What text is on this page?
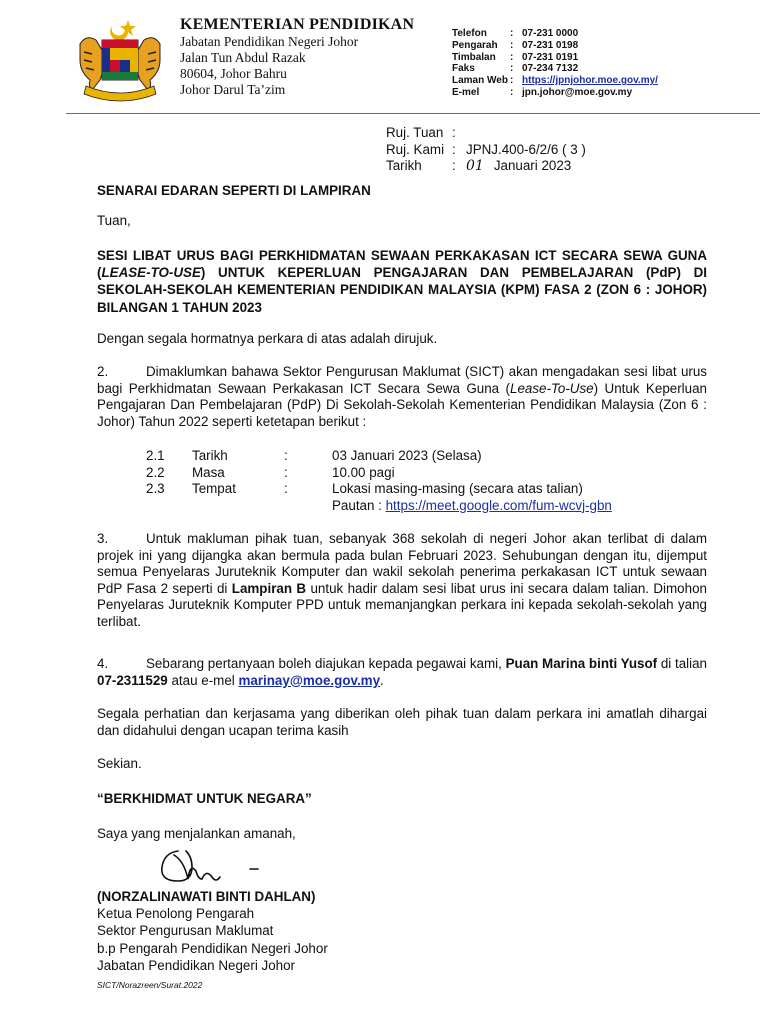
KEMENTERIAN PENDIDIKAN
Jabatan Pendidikan Negeri Johor
Jalan Tun Abdul Razak
80604, Johor Bahru
Johor Darul Ta’zim
Telefon	: 07-231 0000
Pengarah	: 07-231 0198
Timbalan	: 07-231 0191
Faks	: 07-234 7132
Laman Web : https://jpnjohor.moe.gov.my/
E-mel	: jpn.johor@moe.gov.my
Ruj. Tuan :
Ruj. Kami : JPNJ.400-6/2/6 ( 3 )
Tarikh	: 01 Januari 2023

SENARAI EDARAN SEPERTI DI LAMPIRAN

Tuan,

SESI LIBAT URUS BAGI PERKHIDMATAN SEWAAN PERKAKASAN ICT SECARA SEWA GUNA (LEASE-TO-USE) UNTUK KEPERLUAN PENGAJARAN DAN PEMBELAJARAN (PdP) DI SEKOLAH-SEKOLAH KEMENTERIAN PENDIDIKAN MALAYSIA (KPM) FASA 2 (ZON 6 : JOHOR) BILANGAN 1 TAHUN 2023

Dengan segala hormatnya perkara di atas adalah dirujuk.

2.	Dimaklumkan bahawa Sektor Pengurusan Maklumat (SICT) akan mengadakan sesi libat urus bagi Perkhidmatan Sewaan Perkakasan ICT Secara Sewa Guna (Lease-To-Use) Untuk Keperluan Pengajaran Dan Pembelajaran (PdP) Di Sekolah-Sekolah Kementerian Pendidikan Malaysia (Zon 6 : Johor) Tahun 2022 seperti ketetapan berikut :

2.1	Tarikh	:	03 Januari 2023 (Selasa)
2.2	Masa	:	10.00 pagi
2.3	Tempat	:	Lokasi masing-masing (secara atas talian)
Pautan : https://meet.google.com/fum-wcvj-gbn

3.	Untuk makluman pihak tuan, sebanyak 368 sekolah di negeri Johor akan terlibat di dalam projek ini yang dijangka akan bermula pada bulan Februari 2023. Sehubungan dengan itu, dijemput semua Penyelaras Juruteknik Komputer dan wakil sekolah penerima perkakasan ICT untuk sewaan PdP Fasa 2 seperti di Lampiran B untuk hadir dalam sesi libat urus ini secara dalam talian. Dimohon Penyelaras Juruteknik Komputer PPD untuk memanjangkan perkara ini kepada sekolah-sekolah yang terlibat.

4.	Sebarang pertanyaan boleh diajukan kepada pegawai kami, Puan Marina binti Yusof di talian 07-2311529 atau e-mel marinay@moe.gov.my.

Segala perhatian dan kerjasama yang diberikan oleh pihak tuan dalam perkara ini amatlah dihargai dan didahului dengan ucapan terima kasih

Sekian.

“BERKHIDMAT UNTUK NEGARA”

Saya yang menjalankan amanah,

(NORZALINAWATI BINTI DAHLAN)

Ketua Penolong Pengarah

Sektor Pengurusan Maklumat

b.p Pengarah Pendidikan Negeri Johor

Jabatan Pendidikan Negeri Johor

SICT/Norazreen/Surat.2022
